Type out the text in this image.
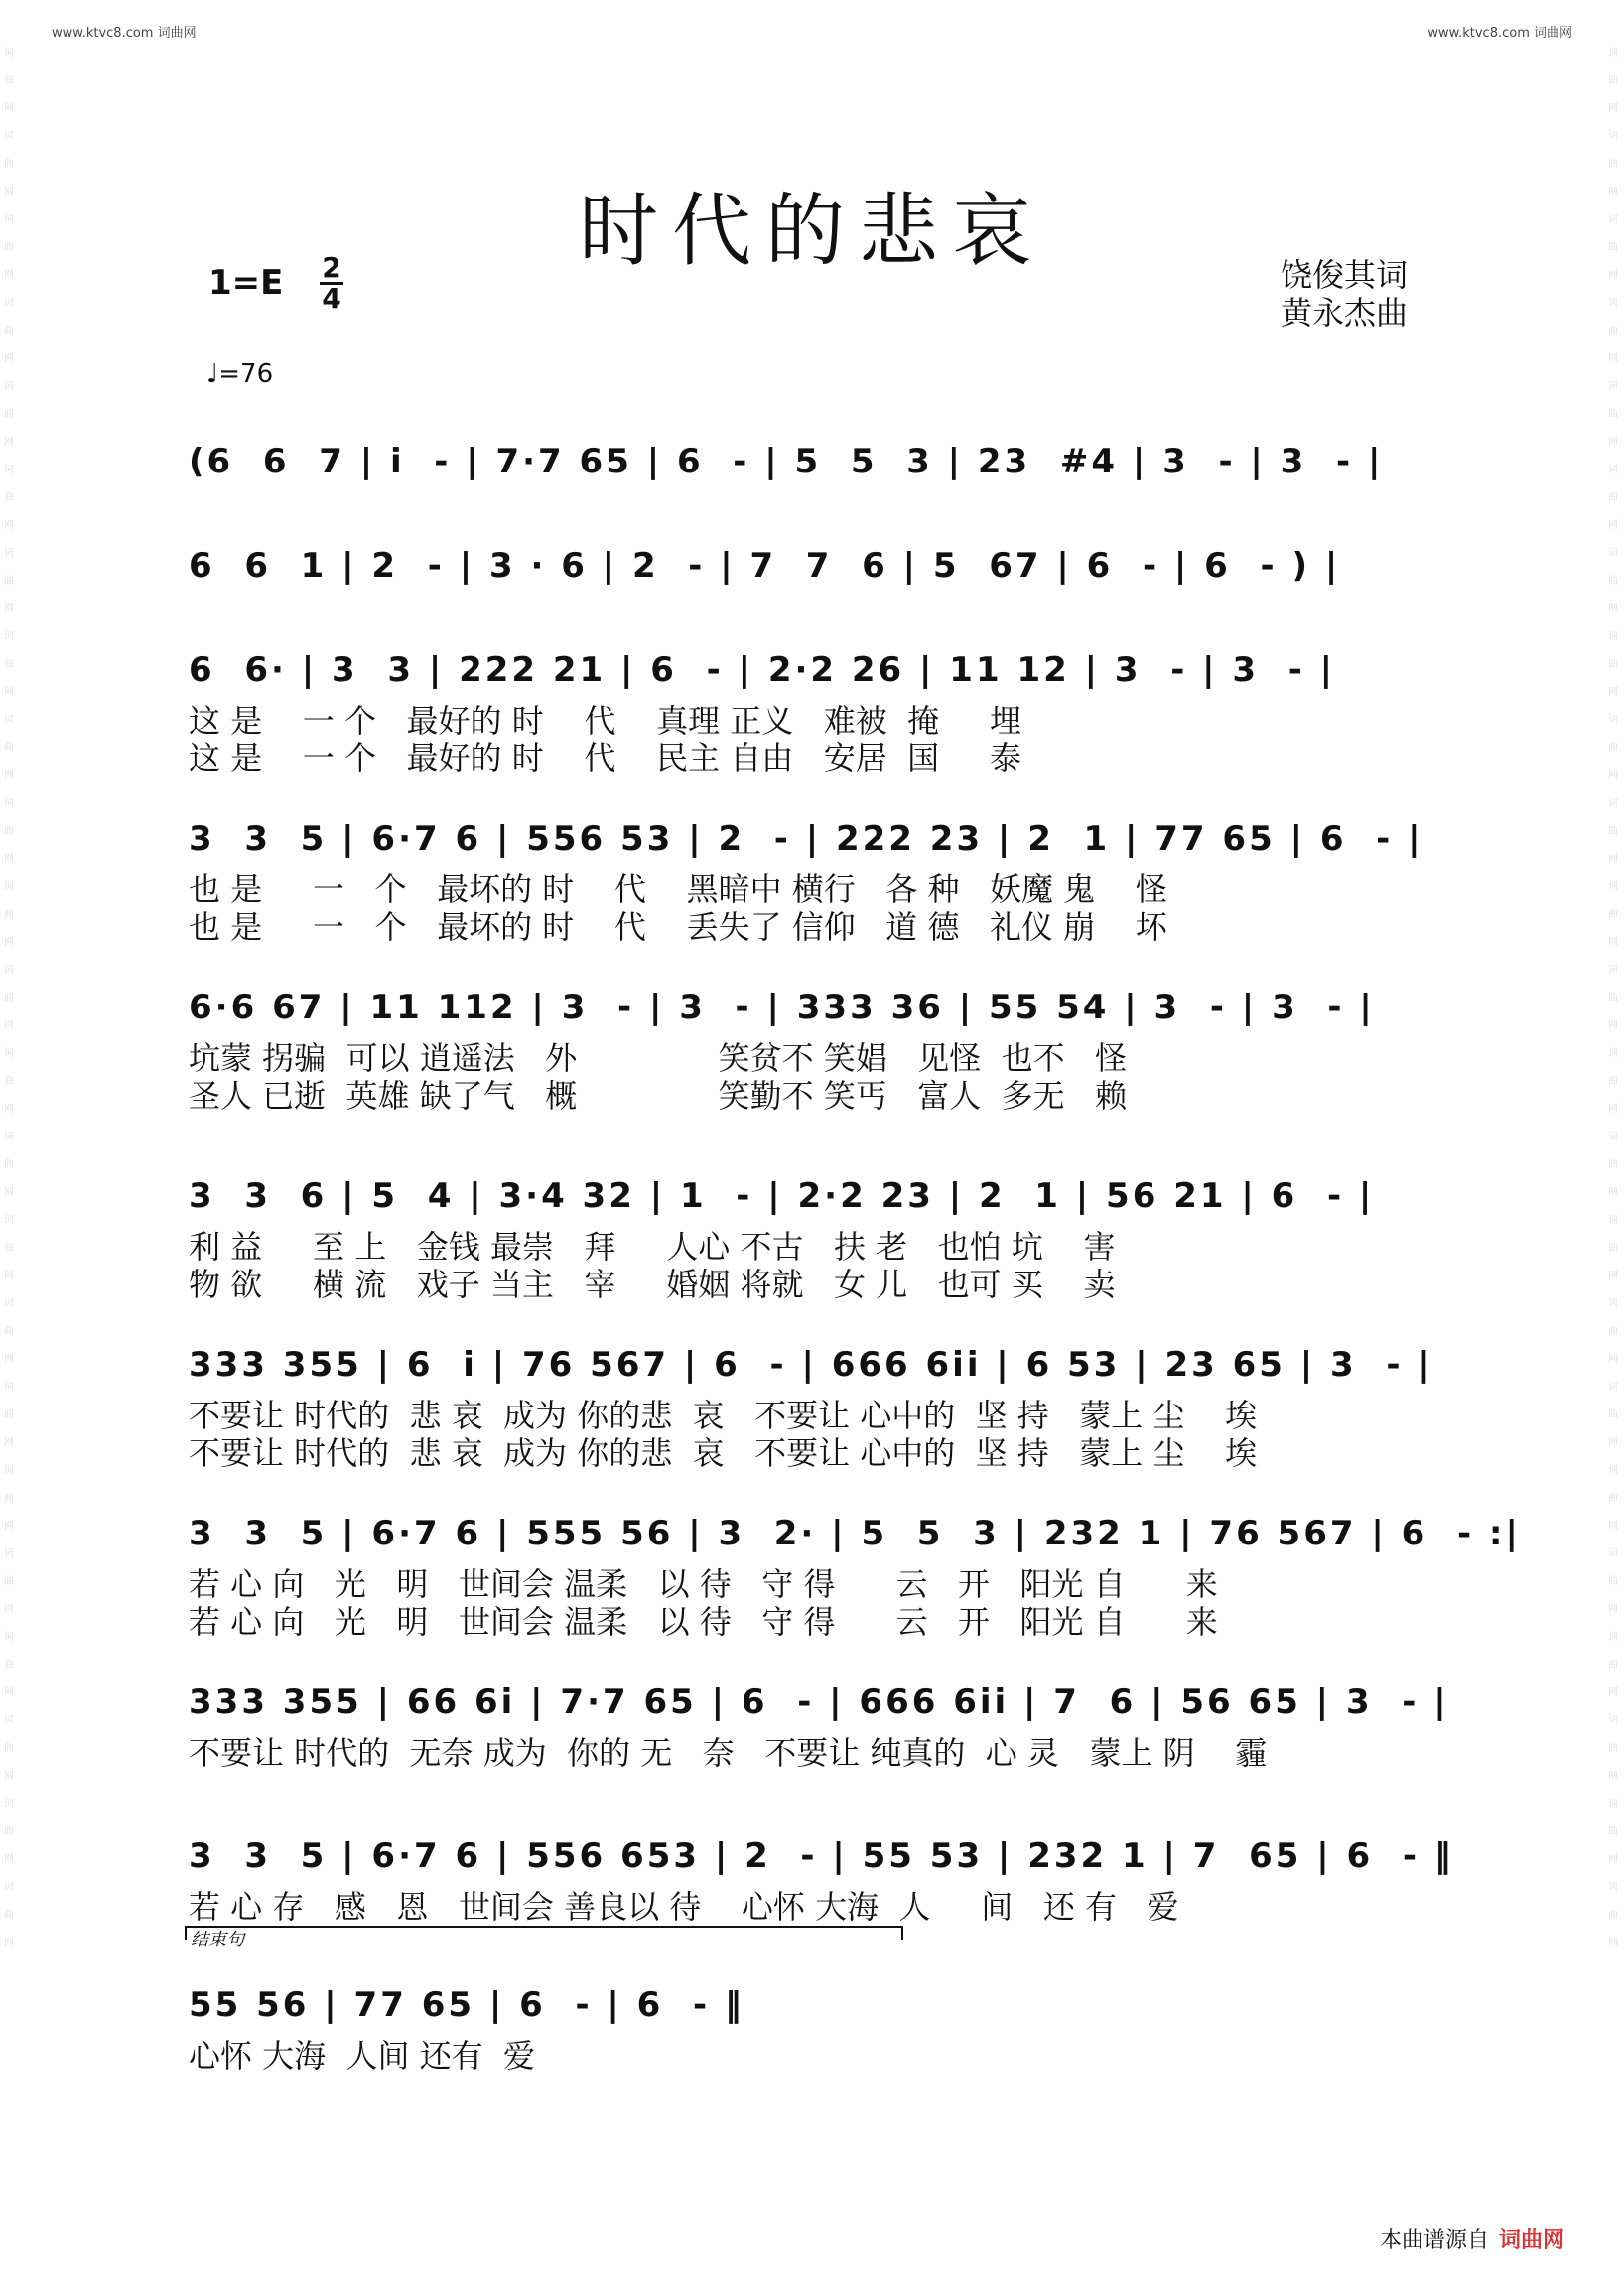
www.ktvc8.com 词曲网	www.ktvc8.com 词曲网
词曲网词曲网词曲网词曲网词曲网词曲网词曲网词曲网词曲网词曲网词曲网词曲网词曲网词曲网词曲网词曲网词曲网词曲网词曲网词曲网词曲网词曲网词曲网
词曲网词曲网词曲网词曲网词曲网词曲网词曲网词曲网词曲网词曲网词曲网词曲网词曲网词曲网词曲网词曲网词曲网词曲网词曲网词曲网词曲网词曲网词曲网
时代的悲哀
1=E 2
4
饶俊其词
黄永杰曲
♩=76
(6  6  7 | i  - | 7·7 65 | 6  - | 5  5  3 | 23  #4 | 3  - | 3  - |
6  6  1 | 2  - | 3 · 6 | 2  - | 7  7  6 | 5  67 | 6  - | 6  - ) |
6  6· | 3  3 | 222 21 | 6  - | 2·2 26 | 11 12 | 3  - | 3  - |
这 是    一 个   最好的 时    代    真理 正义   难被  掩     埋
这 是    一 个   最好的 时    代    民主 自由   安居  国     泰
3  3  5 | 6·7 6 | 556 53 | 2  - | 222 23 | 2  1 | 77 65 | 6  - |
也 是     一   个   最坏的 时    代    黑暗中 横行   各 种   妖魔 鬼    怪
也 是     一   个   最坏的 时    代    丢失了 信仰   道 德   礼仪 崩    坏
6·6 67 | 11 112 | 3  - | 3  - | 333 36 | 55 54 | 3  - | 3  - |
坑蒙 拐骗  可以 逍遥法   外              笑贫不 笑娼   见怪  也不   怪
圣人 已逝  英雄 缺了气   概              笑勤不 笑丐   富人  多无   赖
3  3  6 | 5  4 | 3·4 32 | 1  - | 2·2 23 | 2  1 | 56 21 | 6  - |
利 益     至 上   金钱 最崇   拜     人心 不古   扶 老   也怕 坑    害
物 欲     横 流   戏子 当主   宰     婚姻 将就   女 儿   也可 买    卖
333 355 | 6  i | 76 567 | 6  - | 666 6ii | 6 53 | 23 65 | 3  - |
不要让 时代的  悲 哀  成为 你的悲  哀   不要让 心中的  坚 持   蒙上 尘    埃
不要让 时代的  悲 哀  成为 你的悲  哀   不要让 心中的  坚 持   蒙上 尘    埃
3  3  5 | 6·7 6 | 555 56 | 3  2· | 5  5  3 | 232 1 | 76 567 | 6  - :|
若 心 向   光   明   世间会 温柔   以 待   守 得      云   开   阳光 自      来
若 心 向   光   明   世间会 温柔   以 待   守 得      云   开   阳光 自      来
333 355 | 66 6i | 7·7 65 | 6  - | 666 6ii | 7  6 | 56 65 | 3  - |
不要让 时代的  无奈 成为  你的 无   奈   不要让 纯真的  心 灵   蒙上 阴    霾
3  3  5 | 6·7 6 | 556 653 | 2  - | 55 53 | 232 1 | 7  65 | 6  - ‖
若 心 存   感   恩   世间会 善良以 待    心怀 大海  人     间   还 有   爱
55 56 | 77 65 | 6  - | 6  - ‖
心怀 大海  人间 还有  爱
结束句
本曲谱源自 词曲网
